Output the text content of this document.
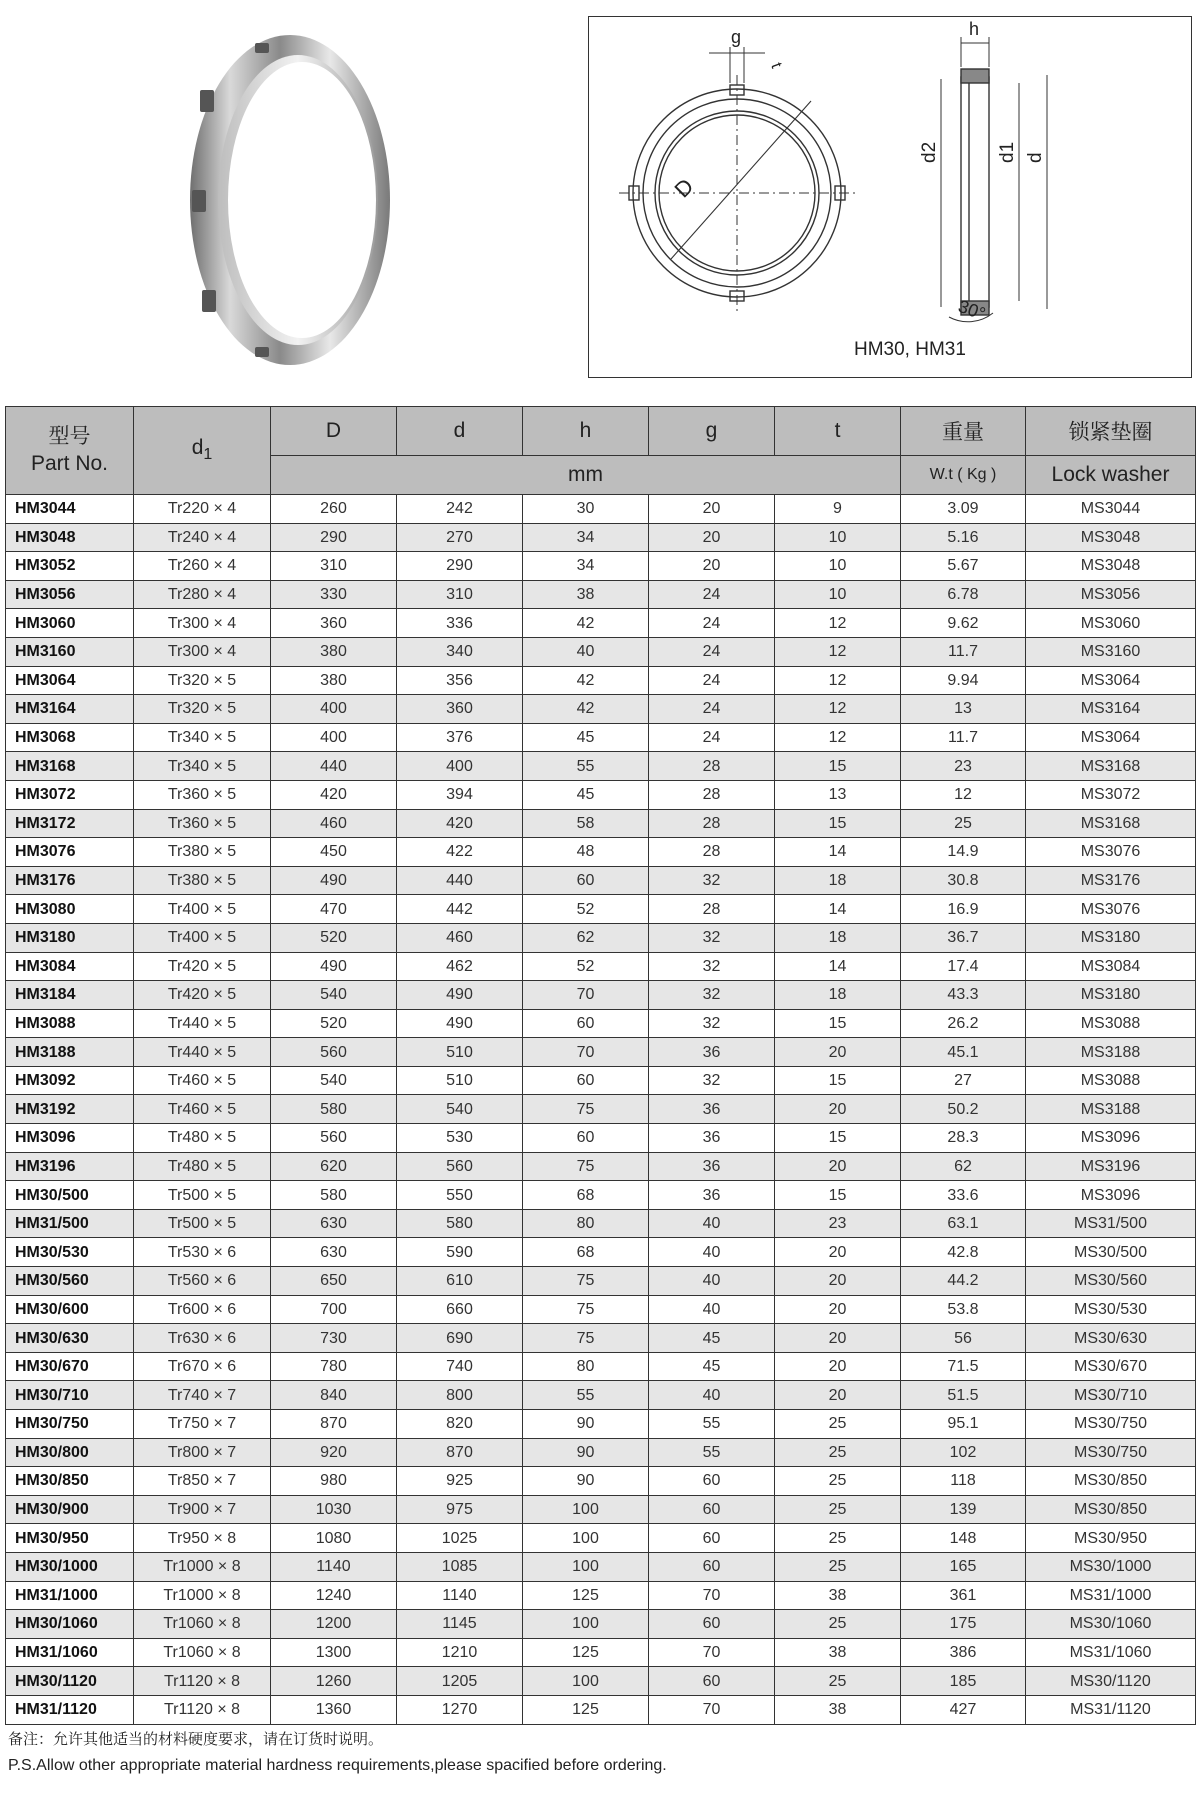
g
t
h
D
d2	d1 d
30°
HM30, HM31
型号
Part No.	$d_1$	D	d	h	g	t	重量	锁紧垫圈
		mm					W.t ( Kg )	Lock washer
HM3044	Tr220 × 4	260	242	30	20	9	3.09	MS3044
HM3048	Tr240 × 4	290	270	34	20	10	5.16	MS3048
HM3052	Tr260 × 4	310	290	34	20	10	5.67	MS3048
HM3056	Tr280 × 4	330	310	38	24	10	6.78	MS3056
HM3060	Tr300 × 4	360	336	42	24	12	9.62	MS3060
HM3160	Tr300 × 4	380	340	40	24	12	11.7	MS3160
HM3064	Tr320 × 5	380	356	42	24	12	9.94	MS3064
HM3164	Tr320 × 5	400	360	42	24	12	13	MS3164
HM3068	Tr340 × 5	400	376	45	24	12	11.7	MS3064
HM3168	Tr340 × 5	440	400	55	28	15	23	MS3168
HM3072	Tr360 × 5	420	394	45	28	13	12	MS3072
HM3172	Tr360 × 5	460	420	58	28	15	25	MS3168
HM3076	Tr380 × 5	450	422	48	28	14	14.9	MS3076
HM3176	Tr380 × 5	490	440	60	32	18	30.8	MS3176
HM3080	Tr400 × 5	470	442	52	28	14	16.9	MS3076
HM3180	Tr400 × 5	520	460	62	32	18	36.7	MS3180
HM3084	Tr420 × 5	490	462	52	32	14	17.4	MS3084
HM3184	Tr420 × 5	540	490	70	32	18	43.3	MS3180
HM3088	Tr440 × 5	520	490	60	32	15	26.2	MS3088
HM3188	Tr440 × 5	560	510	70	36	20	45.1	MS3188
HM3092	Tr460 × 5	540	510	60	32	15	27	MS3088
HM3192	Tr460 × 5	580	540	75	36	20	50.2	MS3188
HM3096	Tr480 × 5	560	530	60	36	15	28.3	MS3096
HM3196	Tr480 × 5	620	560	75	36	20	62	MS3196
HM30/500	Tr500 × 5	580	550	68	36	15	33.6	MS3096
HM31/500	Tr500 × 5	630	580	80	40	23	63.1	MS31/500
HM30/530	Tr530 × 6	630	590	68	40	20	42.8	MS30/500
HM30/560	Tr560 × 6	650	610	75	40	20	44.2	MS30/560
HM30/600	Tr600 × 6	700	660	75	40	20	53.8	MS30/530
HM30/630	Tr630 × 6	730	690	75	45	20	56	MS30/630
HM30/670	Tr670 × 6	780	740	80	45	20	71.5	MS30/670
HM30/710	Tr740 × 7	840	800	55	40	20	51.5	MS30/710
HM30/750	Tr750 × 7	870	820	90	55	25	95.1	MS30/750
HM30/800	Tr800 × 7	920	870	90	55	25	102	MS30/750
HM30/850	Tr850 × 7	980	925	90	60	25	118	MS30/850
HM30/900	Tr900 × 7	1030	975	100	60	25	139	MS30/850
HM30/950	Tr950 × 8	1080	1025	100	60	25	148	MS30/950
HM30/1000	Tr1000 × 8	1140	1085	100	60	25	165	MS30/1000
HM31/1000	Tr1000 × 8	1240	1140	125	70	38	361	MS31/1000
HM30/1060	Tr1060 × 8	1200	1145	100	60	25	175	MS30/1060
HM31/1060	Tr1060 × 8	1300	1210	125	70	38	386	MS31/1060
HM30/1120	Tr1120 × 8	1260	1205	100	60	25	185	MS30/1120
HM31/1120	Tr1120 × 8	1360	1270	125	70	38	427	MS31/1120
备注：允许其他适当的材料硬度要求，请在订货时说明。
P.S.Allow other appropriate material hardness requirements,please spacified before ordering.
